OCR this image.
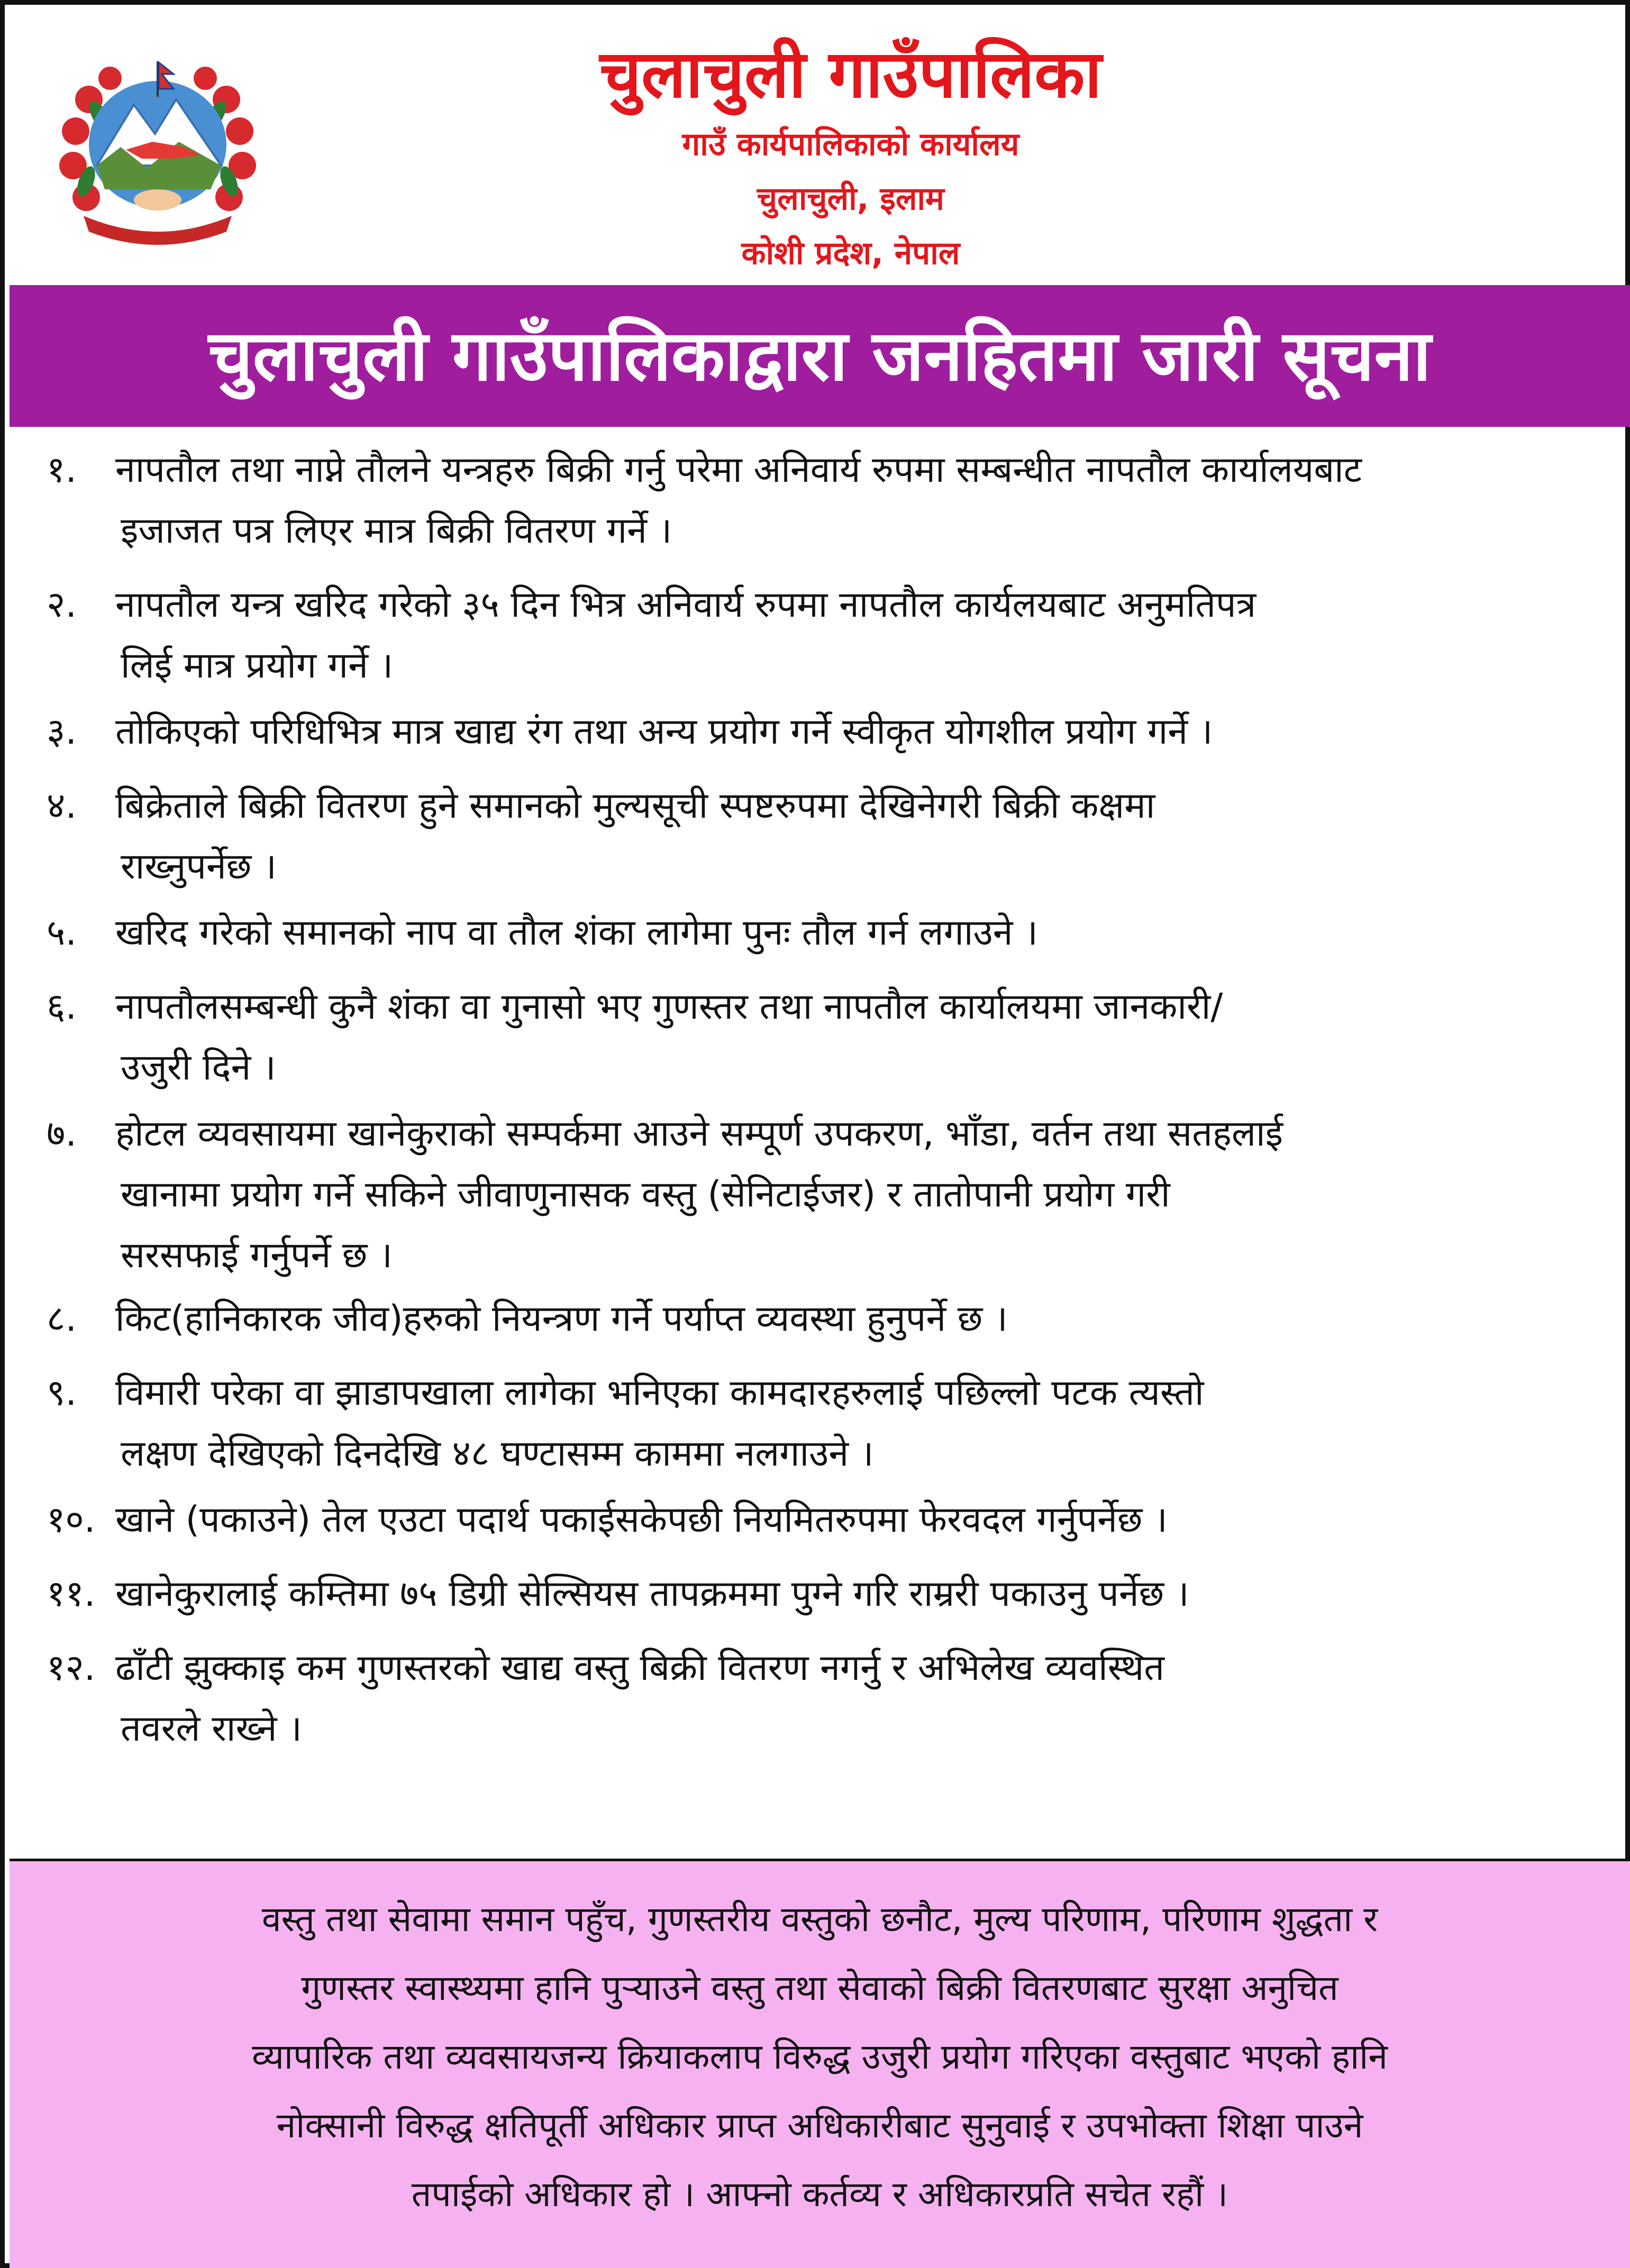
चुलाचुली गाउँपालिका
गाउँ कार्यपालिकाको कार्यालय
चुलाचुली, इलाम
कोशी प्रदेश, नेपाल
चुलाचुली गाउँपालिकाद्वारा जनहितमा जारी सूचना
१. नापतौल तथा नाप्ने तौलने यन्त्रहरु बिक्री गर्नु परेमा अनिवार्य रुपमा सम्बन्धीत नापतौल कार्यालयबाट
इजाजत पत्र लिएर मात्र बिक्री वितरण गर्ने ।
२. नापतौल यन्त्र खरिद गरेको ३५ दिन भित्र अनिवार्य रुपमा नापतौल कार्यलयबाट अनुमतिपत्र
लिई मात्र प्रयोग गर्ने ।
३. तोकिएको परिधिभित्र मात्र खाद्य रंग तथा अन्य प्रयोग गर्ने स्वीकृत योगशील प्रयोग गर्ने ।
४. बिक्रेताले बिक्री वितरण हुने समानको मुल्यसूची स्पष्टरुपमा देखिनेगरी बिक्री कक्षमा
राख्नुपर्नेछ ।
५. खरिद गरेको समानको नाप वा तौल शंका लागेमा पुनः तौल गर्न लगाउने ।
६. नापतौलसम्बन्धी कुनै शंका वा गुनासो भए गुणस्तर तथा नापतौल कार्यालयमा जानकारी/
उजुरी दिने ।
७. होटल व्यवसायमा खानेकुराको सम्पर्कमा आउने सम्पूर्ण उपकरण, भाँडा, वर्तन तथा सतहलाई
खानामा प्रयोग गर्ने सकिने जीवाणुनासक वस्तु (सेनिटाईजर) र तातोपानी प्रयोग गरी
सरसफाई गर्नुपर्ने छ ।
८. किट(हानिकारक जीव)हरुको नियन्त्रण गर्ने पर्याप्त व्यवस्था हुनुपर्ने छ ।
९. विमारी परेका वा झाडापखाला लागेका भनिएका कामदारहरुलाई पछिल्लो पटक त्यस्तो
लक्षण देखिएको दिनदेखि ४८ घण्टासम्म काममा नलगाउने ।
१०. खाने (पकाउने) तेल एउटा पदार्थ पकाईसकेपछी नियमितरुपमा फेरवदल गर्नुपर्नेछ ।
११. खानेकुरालाई कम्तिमा ७५ डिग्री सेल्सियस तापक्रममा पुग्ने गरि राम्ररी पकाउनु पर्नेछ ।
१२. ढाँटी झुक्काइ कम गुणस्तरको खाद्य वस्तु बिक्री वितरण नगर्नु र अभिलेख व्यवस्थित
तवरले राख्ने ।
वस्तु तथा सेवामा समान पहुँच, गुणस्तरीय वस्तुको छनौट, मुल्य परिणाम, परिणाम शुद्धता र
गुणस्तर स्वास्थ्यमा हानि पुऱ्याउने वस्तु तथा सेवाको बिक्री वितरणबाट सुरक्षा अनुचित
व्यापारिक तथा व्यवसायजन्य क्रियाकलाप विरुद्ध उजुरी प्रयोग गरिएका वस्तुबाट भएको हानि
नोक्सानी विरुद्ध क्षतिपूर्ती अधिकार प्राप्त अधिकारीबाट सुनुवाई र उपभोक्ता शिक्षा पाउने
तपाईको अधिकार हो । आफ्नो कर्तव्य र अधिकारप्रति सचेत रहौं ।
